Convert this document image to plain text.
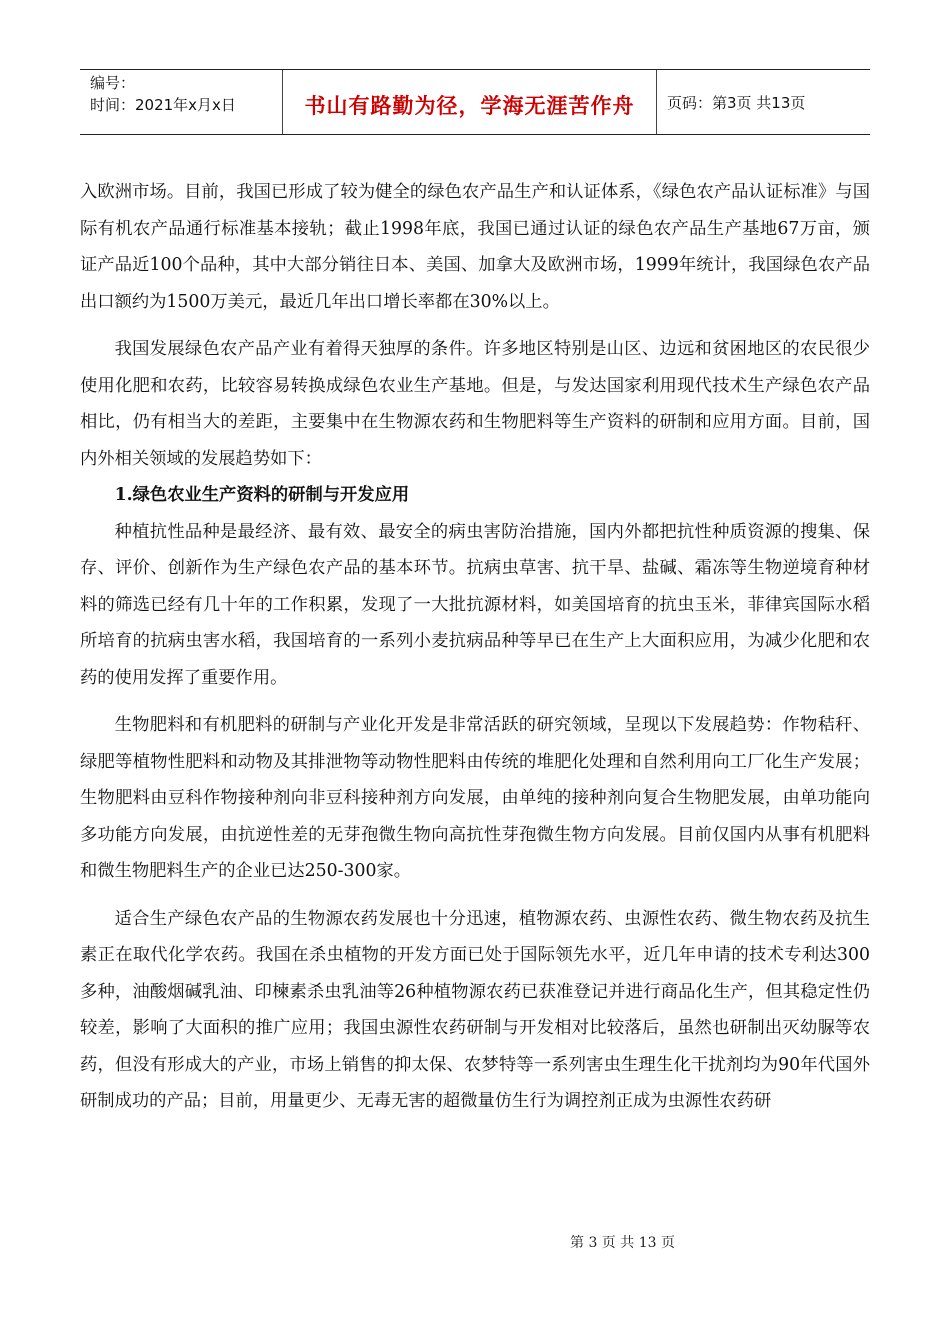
编号：
时间：2021年x月x日	书山有路勤为径，学海无涯苦作舟 页码：第3页 共13页

入欧洲市场。目前，我国已形成了较为健全的绿色农产品生产和认证体系，《绿色农产品认证标准》与国际有机农产品通行标准基本接轨；截止1998年底，我国已通过认证的绿色农产品生产基地67万亩，颁证产品近100个品种，其中大部分销往日本、美国、加拿大及欧洲市场，1999年统计，我国绿色农产品出口额约为1500万美元，最近几年出口增长率都在30%以上。

我国发展绿色农产品产业有着得天独厚的条件。许多地区特别是山区、边远和贫困地区的农民很少使用化肥和农药，比较容易转换成绿色农业生产基地。但是，与发达国家利用现代技术生产绿色农产品相比，仍有相当大的差距，主要集中在生物源农药和生物肥料等生产资料的研制和应用方面。目前，国内外相关领域的发展趋势如下：

1.绿色农业生产资料的研制与开发应用

种植抗性品种是最经济、最有效、最安全的病虫害防治措施，国内外都把抗性种质资源的搜集、保存、评价、创新作为生产绿色农产品的基本环节。抗病虫草害、抗干旱、盐碱、霜冻等生物逆境育种材料的筛选已经有几十年的工作积累，发现了一大批抗源材料，如美国培育的抗虫玉米，菲律宾国际水稻所培育的抗病虫害水稻，我国培育的一系列小麦抗病品种等早已在生产上大面积应用，为减少化肥和农药的使用发挥了重要作用。

生物肥料和有机肥料的研制与产业化开发是非常活跃的研究领域，呈现以下发展趋势：作物秸秆、绿肥等植物性肥料和动物及其排泄物等动物性肥料由传统的堆肥化处理和自然利用向工厂化生产发展；生物肥料由豆科作物接种剂向非豆科接种剂方向发展，由单纯的接种剂向复合生物肥发展，由单功能向多功能方向发展，由抗逆性差的无芽孢微生物向高抗性芽孢微生物方向发展。目前仅国内从事有机肥料和微生物肥料生产的企业已达250-300家。

适合生产绿色农产品的生物源农药发展也十分迅速，植物源农药、虫源性农药、微生物农药及抗生素正在取代化学农药。我国在杀虫植物的开发方面已处于国际领先水平，近几年申请的技术专利达300多种，油酸烟碱乳油、印楝素杀虫乳油等26种植物源农药已获准登记并进行商品化生产，但其稳定性仍较差，影响了大面积的推广应用；我国虫源性农药研制与开发相对比较落后，虽然也研制出灭幼脲等农药，但没有形成大的产业，市场上销售的抑太保、农梦特等一系列害虫生理生化干扰剂均为90年代国外研制成功的产品；目前，用量更少、无毒无害的超微量仿生行为调控剂正成为虫源性农药研

第 3 页 共 13 页
